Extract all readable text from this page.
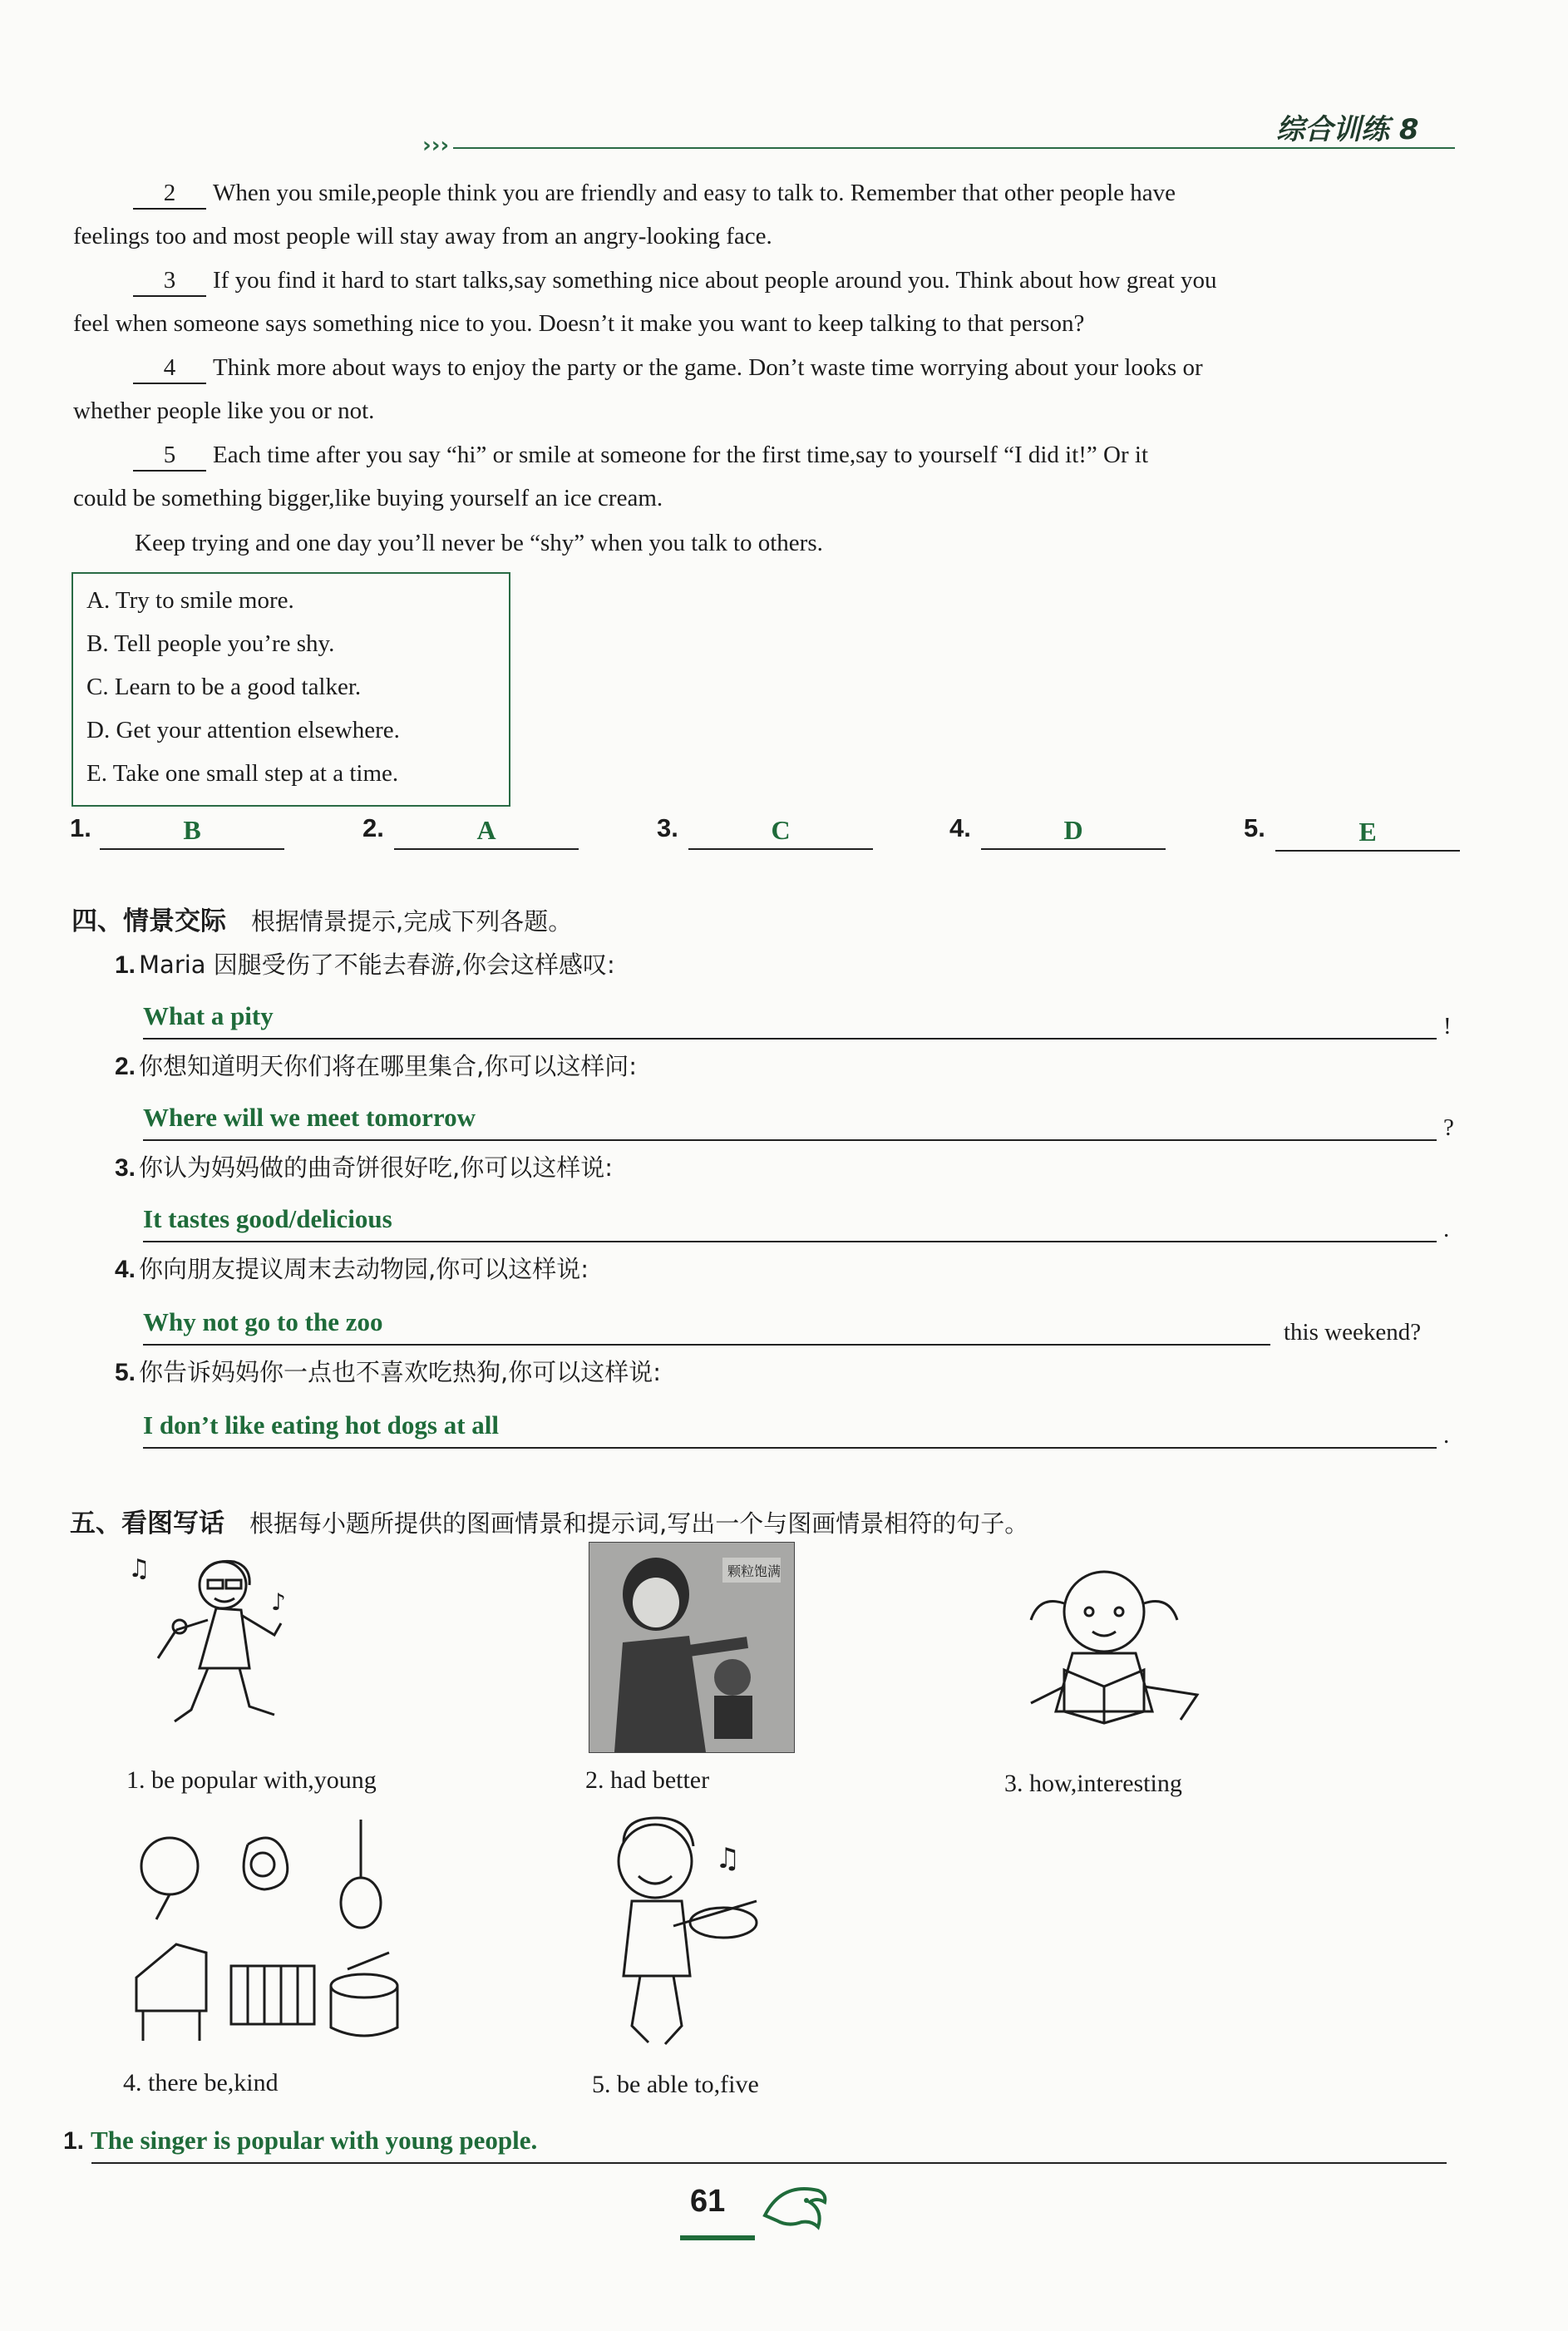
›››	综合训练 8
2 When you smile,people think you are friendly and easy to talk to. Remember that other people have
feelings too and most people will stay away from an angry-looking face.
3 If you find it hard to start talks,say something nice about people around you. Think about how great you
feel when someone says something nice to you. Doesn’t it make you want to keep talking to that person?
4 Think more about ways to enjoy the party or the game. Don’t waste time worrying about your looks or
whether people like you or not.
5 Each time after you say “hi” or smile at someone for the first time,say to yourself “I did it!” Or it
could be something bigger,like buying yourself an ice cream.
Keep trying and one day you’ll never be “shy” when you talk to others.
A. Try to smile more.
B. Tell people you’re shy.
C. Learn to be a good talker.
D. Get your attention elsewhere.
E. Take one small step at a time.
1.	B	2.	A	3.	C	4.	D	5.	E
四、情景交际 根据情景提示,完成下列各题。
1. Maria 因腿受伤了不能去春游,你会这样感叹:
What a pity	!
2. 你想知道明天你们将在哪里集合,你可以这样问:
Where will we meet tomorrow	?
3. 你认为妈妈做的曲奇饼很好吃,你可以这样说:
It tastes good/delicious	.
4. 你向朋友提议周末去动物园,你可以这样说:
Why not go to the zoo	this weekend?
5. 你告诉妈妈你一点也不喜欢吃热狗,你可以这样说:
I don’t like eating hot dogs at all	.
五、看图写话 根据每小题所提供的图画情景和提示词,写出一个与图画情景相符的句子。
♫
♪
1. be popular with,young
颗粒饱满
2. had better	3. how,interesting
4. there be,kind
♫
5. be able to,five
1. The singer is popular with young people.
61
